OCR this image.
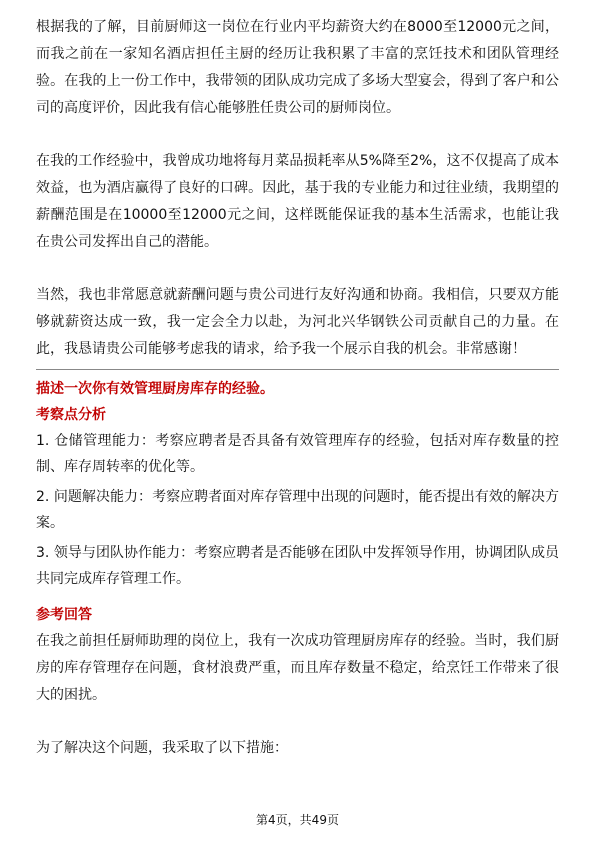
根据我的了解，目前厨师这一岗位在行业内平均薪资大约在8000至12000元之间，而我之前在一家知名酒店担任主厨的经历让我积累了丰富的烹饪技术和团队管理经验。在我的上一份工作中，我带领的团队成功完成了多场大型宴会，得到了客户和公司的高度评价，因此我有信心能够胜任贵公司的厨师岗位。

在我的工作经验中，我曾成功地将每月菜品损耗率从5%降至2%，这不仅提高了成本效益，也为酒店赢得了良好的口碑。因此，基于我的专业能力和过往业绩，我期望的薪酬范围是在10000至12000元之间，这样既能保证我的基本生活需求，也能让我在贵公司发挥出自己的潜能。

当然，我也非常愿意就薪酬问题与贵公司进行友好沟通和协商。我相信，只要双方能够就薪资达成一致，我一定会全力以赴，为河北兴华钢铁公司贡献自己的力量。在此，我恳请贵公司能够考虑我的请求，给予我一个展示自我的机会。非常感谢！

描述一次你有效管理厨房库存的经验。
考察点分析

1. 仓储管理能力：考察应聘者是否具备有效管理库存的经验，包括对库存数量的控制、库存周转率的优化等。

2. 问题解决能力：考察应聘者面对库存管理中出现的问题时，能否提出有效的解决方案。

3. 领导与团队协作能力：考察应聘者是否能够在团队中发挥领导作用，协调团队成员共同完成库存管理工作。

参考回答

在我之前担任厨师助理的岗位上，我有一次成功管理厨房库存的经验。当时，我们厨房的库存管理存在问题，食材浪费严重，而且库存数量不稳定，给烹饪工作带来了很大的困扰。

为了解决这个问题，我采取了以下措施：

第4页，共49页
